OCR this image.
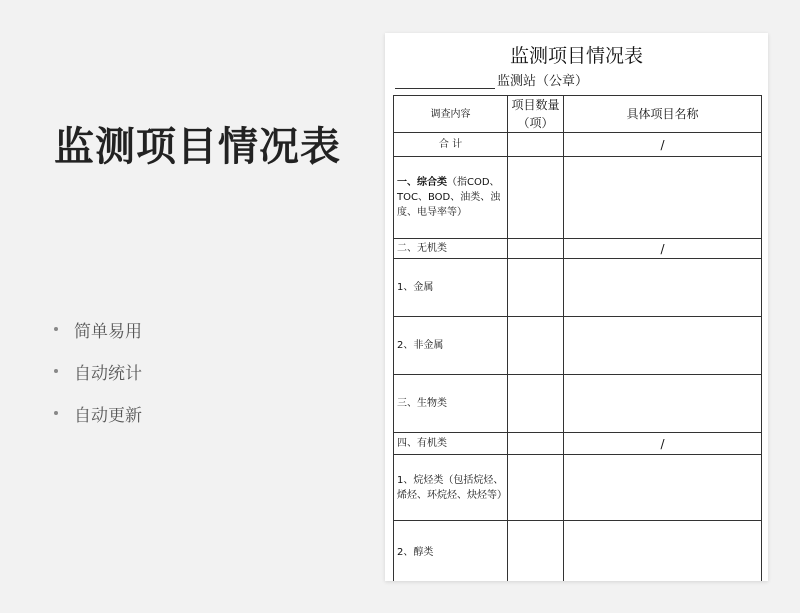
监测项目情况表
简单易用
自动统计
自动更新
监测项目情况表
监测站（公章）
调查内容	项目数量（项）	具体项目名称
合 计		/
一、综合类（指COD、TOC、BOD、油类、浊度、电导率等）		
二、无机类		/
1、金属		
2、非金属		
三、生物类		
四、有机类		/
1、烷烃类（包括烷烃、烯烃、环烷烃、炔烃等）		
2、醇类		
